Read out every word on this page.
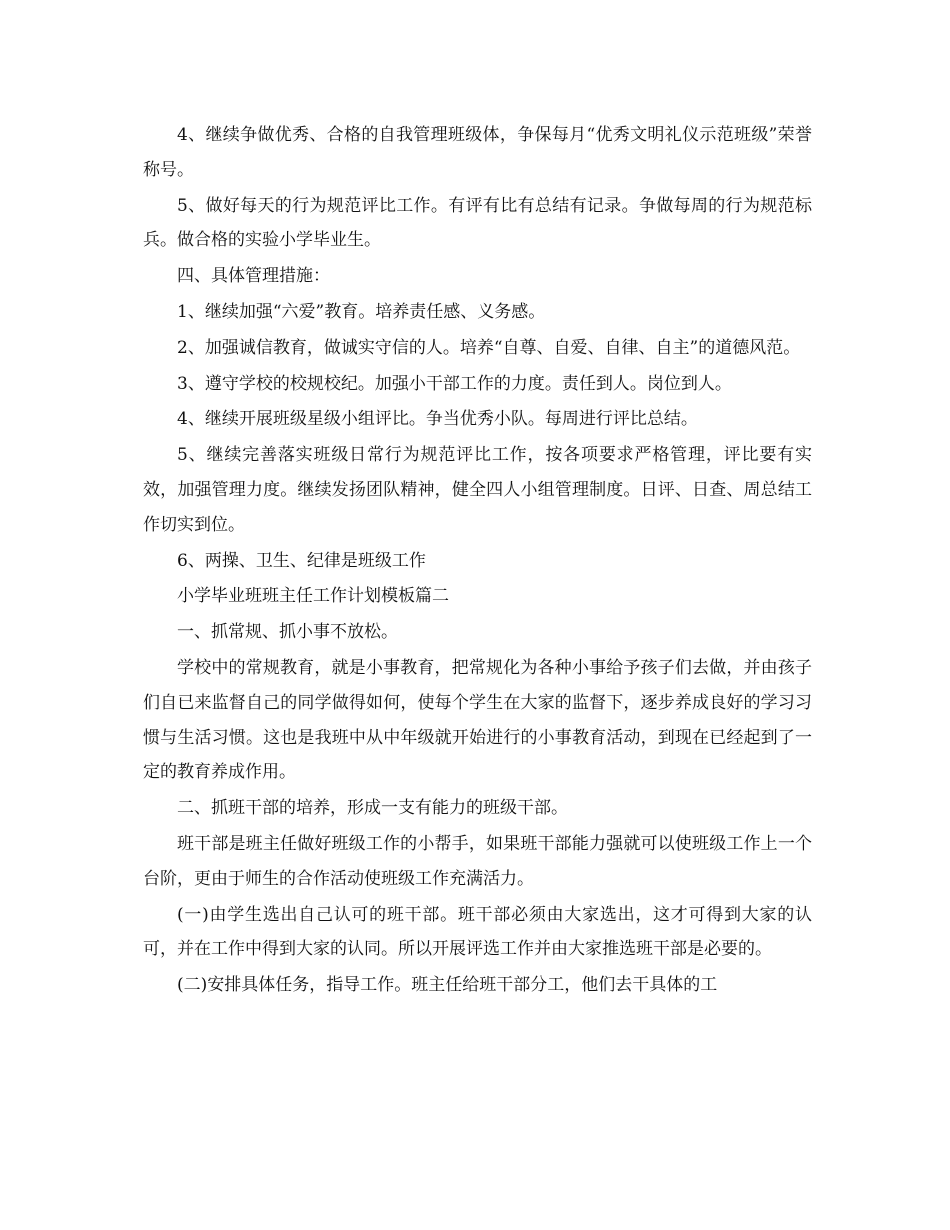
4、继续争做优秀、合格的自我管理班级体，争保每月“优秀文明礼仪示范班级”荣誉称号。

5、做好每天的行为规范评比工作。有评有比有总结有记录。争做每周的行为规范标兵。做合格的实验小学毕业生。

四、具体管理措施：

1、继续加强“六爱”教育。培养责任感、义务感。

2、加强诚信教育，做诚实守信的人。培养“自尊、自爱、自律、自主”的道德风范。

3、遵守学校的校规校纪。加强小干部工作的力度。责任到人。岗位到人。

4、继续开展班级星级小组评比。争当优秀小队。每周进行评比总结。

5、继续完善落实班级日常行为规范评比工作，按各项要求严格管理，评比要有实效，加强管理力度。继续发扬团队精神，健全四人小组管理制度。日评、日查、周总结工作切实到位。

6、两操、卫生、纪律是班级工作

小学毕业班班主任工作计划模板篇二

一、抓常规、抓小事不放松。

学校中的常规教育，就是小事教育，把常规化为各种小事给予孩子们去做，并由孩子们自已来监督自己的同学做得如何，使每个学生在大家的监督下，逐步养成良好的学习习惯与生活习惯。这也是我班中从中年级就开始进行的小事教育活动，到现在已经起到了一定的教育养成作用。

二、抓班干部的培养，形成一支有能力的班级干部。

班干部是班主任做好班级工作的小帮手，如果班干部能力强就可以使班级工作上一个台阶，更由于师生的合作活动使班级工作充满活力。

(一)由学生选出自己认可的班干部。班干部必须由大家选出，这才可得到大家的认可，并在工作中得到大家的认同。所以开展评选工作并由大家推选班干部是必要的。

(二)安排具体任务，指导工作。班主任给班干部分工，他们去干具体的工
